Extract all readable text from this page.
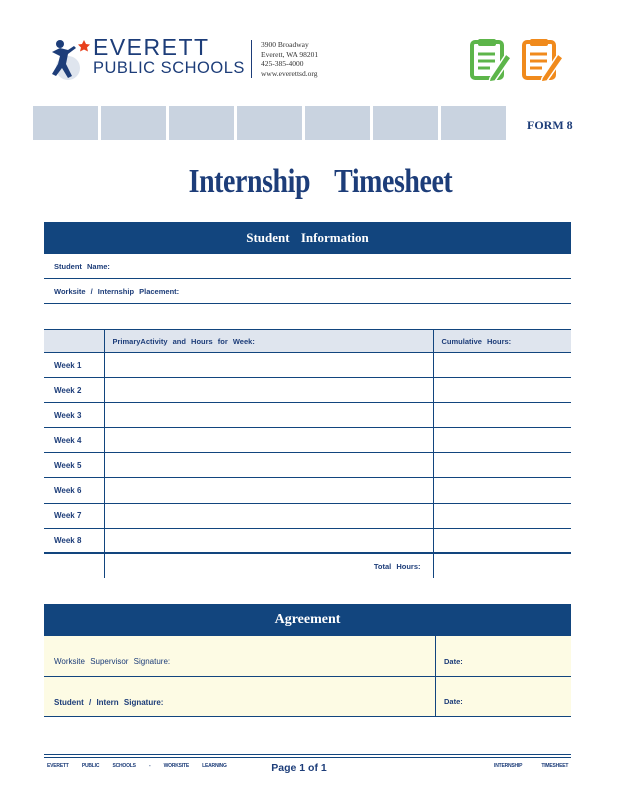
EVERETT
PUBLIC SCHOOLS
3900 Broadway
Everett, WA 98201
425-385-4000
www.everettsd.org
FORM 8
Internship Timesheet
Student Information
Student Name:
Worksite / Internship Placement:
	PrimaryActivity and Hours for Week:	Cumulative Hours:
Week 1		
Week 2		
Week 3		
Week 4		
Week 5		
Week 6		
Week 7		
Week 8		
	Total Hours:	
Agreement
Worksite Supervisor Signature:	Date:
Student / Intern Signature:	Date:
EVERETT PUBLIC SCHOOLS - WORKSITE LEARNING	Page 1 of 1	INTERNSHIP TIMESHEET
